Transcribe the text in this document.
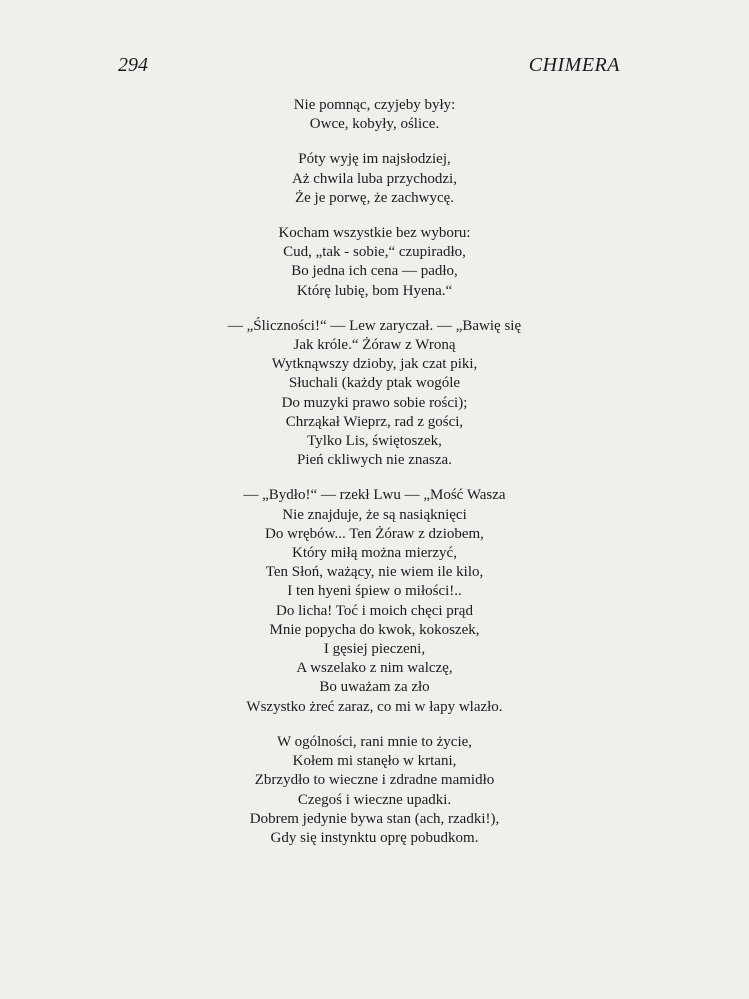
294	CHIMERA
Nie pomnąc, czyjeby były:
Owce, kobyły, oślice.
Póty wyję im najsłodziej,
Aż chwila luba przychodzi,
Że je porwę, że zachwycę.
Kocham wszystkie bez wyboru:
Cud, „tak - sobie,“ czupiradło,
Bo jedna ich cena — padło,
Którę lubię, bom Hyena.“
— „Śliczności!“ — Lew zaryczał. — „Bawię się
Jak króle.“ Żóraw z Wroną
Wytknąwszy dzioby, jak czat piki,
Słuchali (każdy ptak wogóle
Do muzyki prawo sobie rości);
Chrząkał Wieprz, rad z gości,
Tylko Lis, świętoszek,
Pień ckliwych nie znasza.
— „Bydło!“ — rzekł Lwu — „Mość Wasza
Nie znajduje, że są nasiąknięci
Do wrębów... Ten Żóraw z dziobem,
Który miłą można mierzyć,
Ten Słoń, ważący, nie wiem ile kilo,
I ten hyeni śpiew o miłości!..
Do licha! Toć i moich chęci prąd
Mnie popycha do kwok, kokoszek,
I gęsiej pieczeni,
A wszelako z nim walczę,
Bo uważam za zło
Wszystko żreć zaraz, co mi w łapy wlazło.
W ogólności, rani mnie to życie,
Kołem mi stanęło w krtani,
Zbrzydło to wieczne i zdradne mamidło
Czegoś i wieczne upadki.
Dobrem jedynie bywa stan (ach, rzadki!),
Gdy się instynktu oprę pobudkom.
